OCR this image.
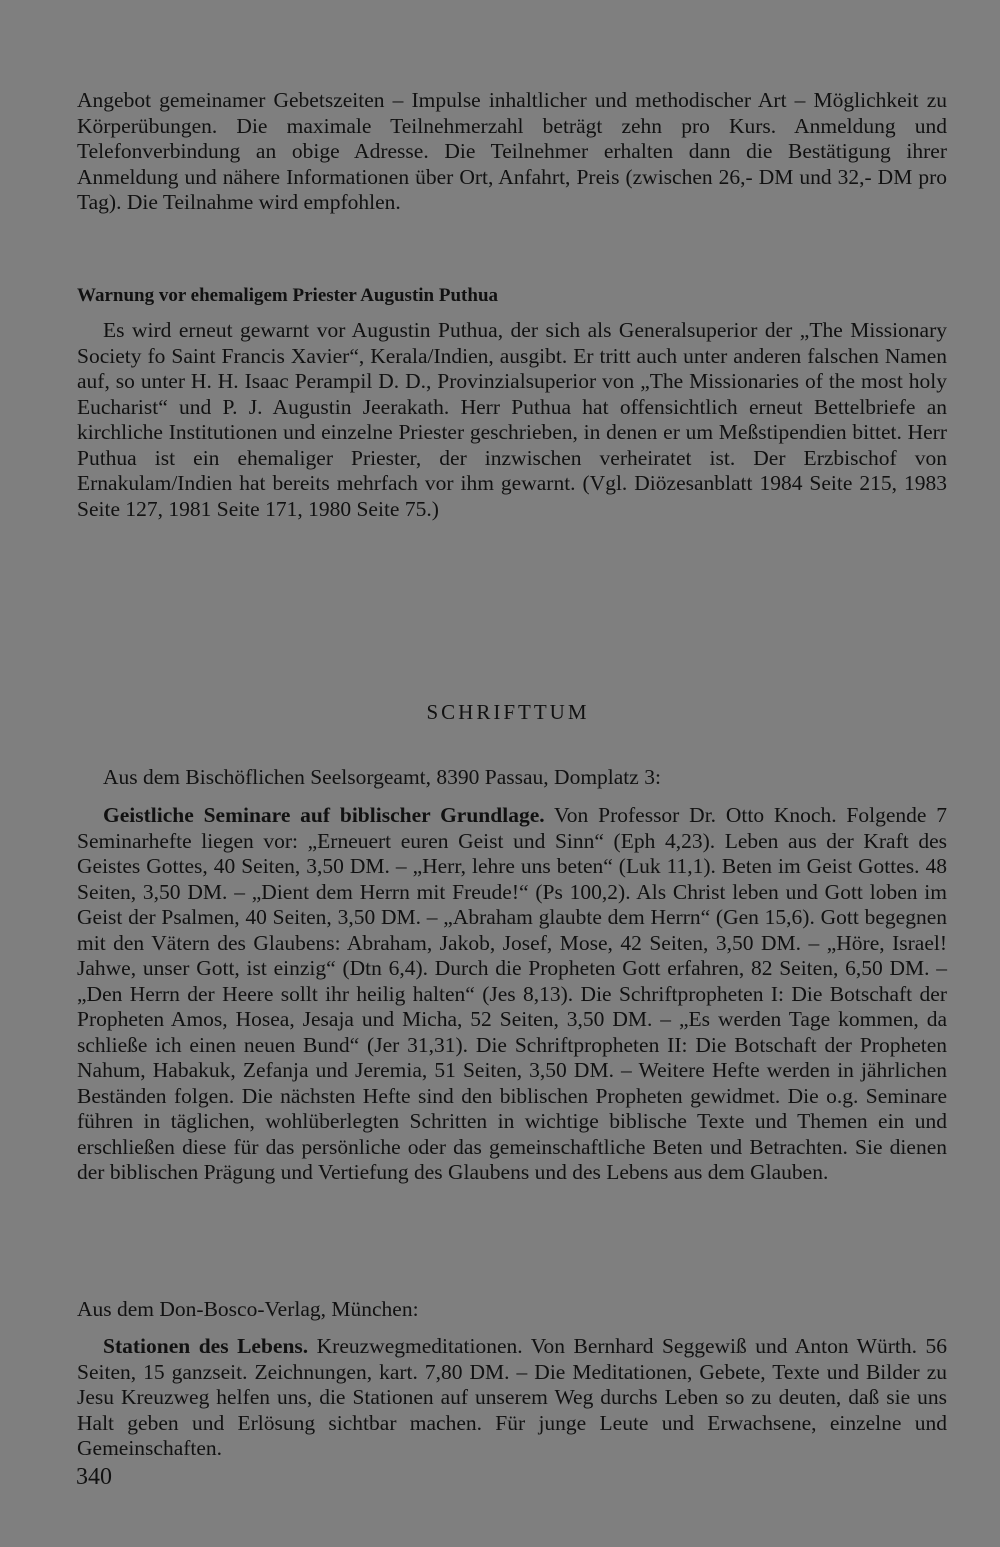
Angebot gemeinamer Gebetszeiten – Impulse inhaltlicher und methodischer Art – Möglichkeit zu Körperübungen. Die maximale Teilnehmerzahl beträgt zehn pro Kurs. Anmeldung und Telefonverbindung an obige Adresse. Die Teilnehmer erhalten dann die Bestätigung ihrer Anmeldung und nähere Informationen über Ort, Anfahrt, Preis (zwischen 26,- DM und 32,- DM pro Tag). Die Teilnahme wird empfohlen.

Warnung vor ehemaligem Priester Augustin Puthua

Es wird erneut gewarnt vor Augustin Puthua, der sich als Generalsuperior der „The Missionary Society fo Saint Francis Xavier“, Kerala/Indien, ausgibt. Er tritt auch unter anderen falschen Namen auf, so unter H. H. Isaac Perampil D. D., Provinzialsuperior von „The Missionaries of the most holy Eucharist“ und P. J. Augustin Jeerakath. Herr Puthua hat offensichtlich erneut Bettelbriefe an kirchliche Institutionen und einzelne Priester geschrieben, in denen er um Meßstipendien bittet. Herr Puthua ist ein ehemaliger Priester, der inzwischen verheiratet ist. Der Erzbischof von Ernakulam/Indien hat bereits mehrfach vor ihm gewarnt. (Vgl. Diözesanblatt 1984 Seite 215, 1983 Seite 127, 1981 Seite 171, 1980 Seite 75.)

SCHRIFTTUM
Aus dem Bischöflichen Seelsorgeamt, 8390 Passau, Domplatz 3:

Geistliche Seminare auf biblischer Grundlage. Von Professor Dr. Otto Knoch. Folgende 7 Seminarhefte liegen vor: „Erneuert euren Geist und Sinn“ (Eph 4,23). Leben aus der Kraft des Geistes Gottes, 40 Seiten, 3,50 DM. – „Herr, lehre uns beten“ (Luk 11,1). Beten im Geist Gottes. 48 Seiten, 3,50 DM. – „Dient dem Herrn mit Freude!“ (Ps 100,2). Als Christ leben und Gott loben im Geist der Psalmen, 40 Seiten, 3,50 DM. – „Abraham glaubte dem Herrn“ (Gen 15,6). Gott begegnen mit den Vätern des Glaubens: Abraham, Jakob, Josef, Mose, 42 Seiten, 3,50 DM. – „Höre, Israel! Jahwe, unser Gott, ist einzig“ (Dtn 6,4). Durch die Propheten Gott erfahren, 82 Seiten, 6,50 DM. – „Den Herrn der Heere sollt ihr heilig halten“ (Jes 8,13). Die Schriftpropheten I: Die Botschaft der Propheten Amos, Hosea, Jesaja und Micha, 52 Seiten, 3,50 DM. – „Es werden Tage kommen, da schließe ich einen neuen Bund“ (Jer 31,31). Die Schriftpropheten II: Die Botschaft der Propheten Nahum, Habakuk, Zefanja und Jeremia, 51 Seiten, 3,50 DM. – Weitere Hefte werden in jährlichen Beständen folgen. Die nächsten Hefte sind den biblischen Propheten gewidmet. Die o.g. Seminare führen in täglichen, wohlüberlegten Schritten in wichtige biblische Texte und Themen ein und erschließen diese für das persönliche oder das gemeinschaftliche Beten und Betrachten. Sie dienen der biblischen Prägung und Vertiefung des Glaubens und des Lebens aus dem Glauben.

Aus dem Don-Bosco-Verlag, München:

Stationen des Lebens. Kreuzwegmeditationen. Von Bernhard Seggewiß und Anton Würth. 56 Seiten, 15 ganzseit. Zeichnungen, kart. 7,80 DM. – Die Meditationen, Gebete, Texte und Bilder zu Jesu Kreuzweg helfen uns, die Stationen auf unserem Weg durchs Leben so zu deuten, daß sie uns Halt geben und Erlösung sichtbar machen. Für junge Leute und Erwachsene, einzelne und Gemeinschaften.

340
